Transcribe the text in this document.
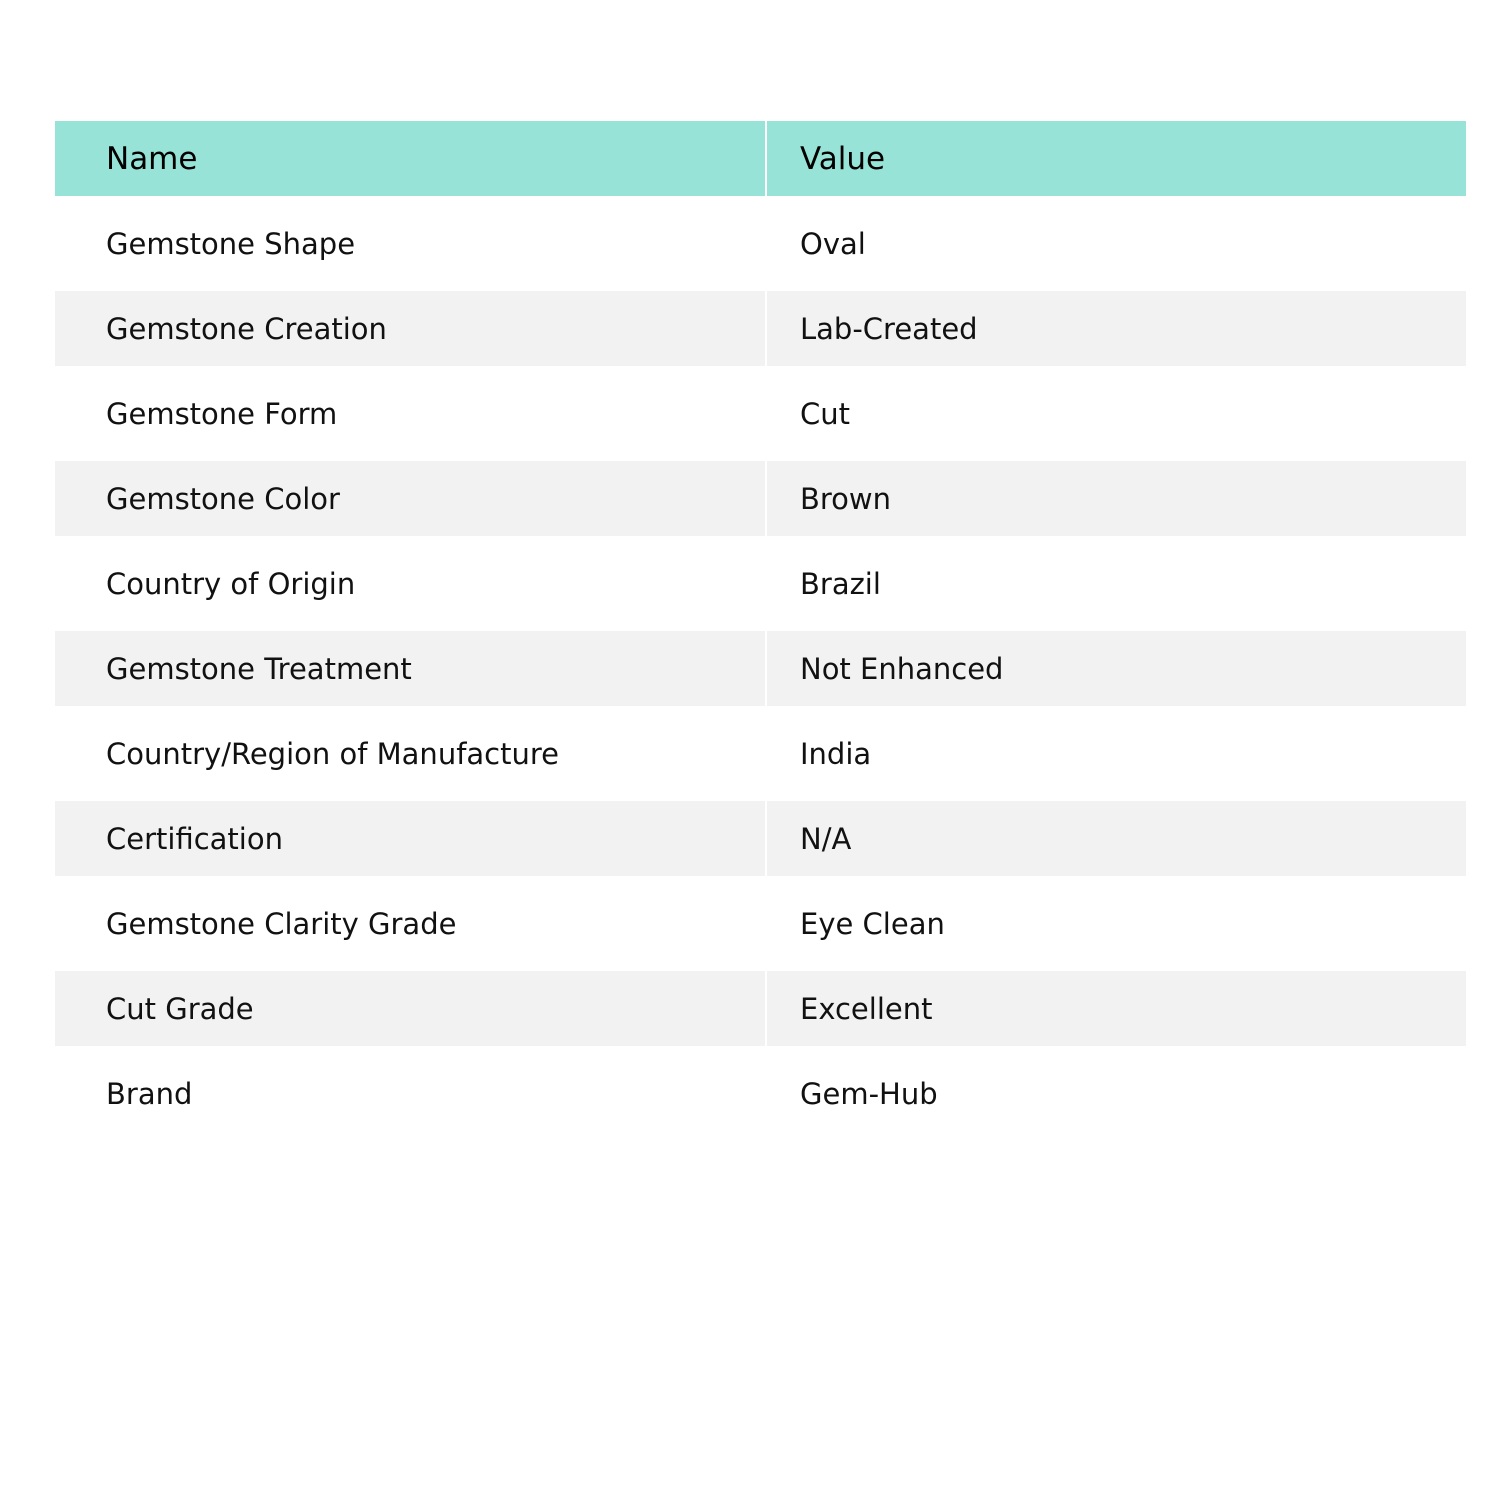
Name	Value
Gemstone Shape	Oval
Gemstone Creation	Lab-Created
Gemstone Form	Cut
Gemstone Color	Brown
Country of Origin	Brazil
Gemstone Treatment	Not Enhanced
Country/Region of Manufacture	India
Certification	N/A
Gemstone Clarity Grade	Eye Clean
Cut Grade	Excellent
Brand	Gem-Hub
